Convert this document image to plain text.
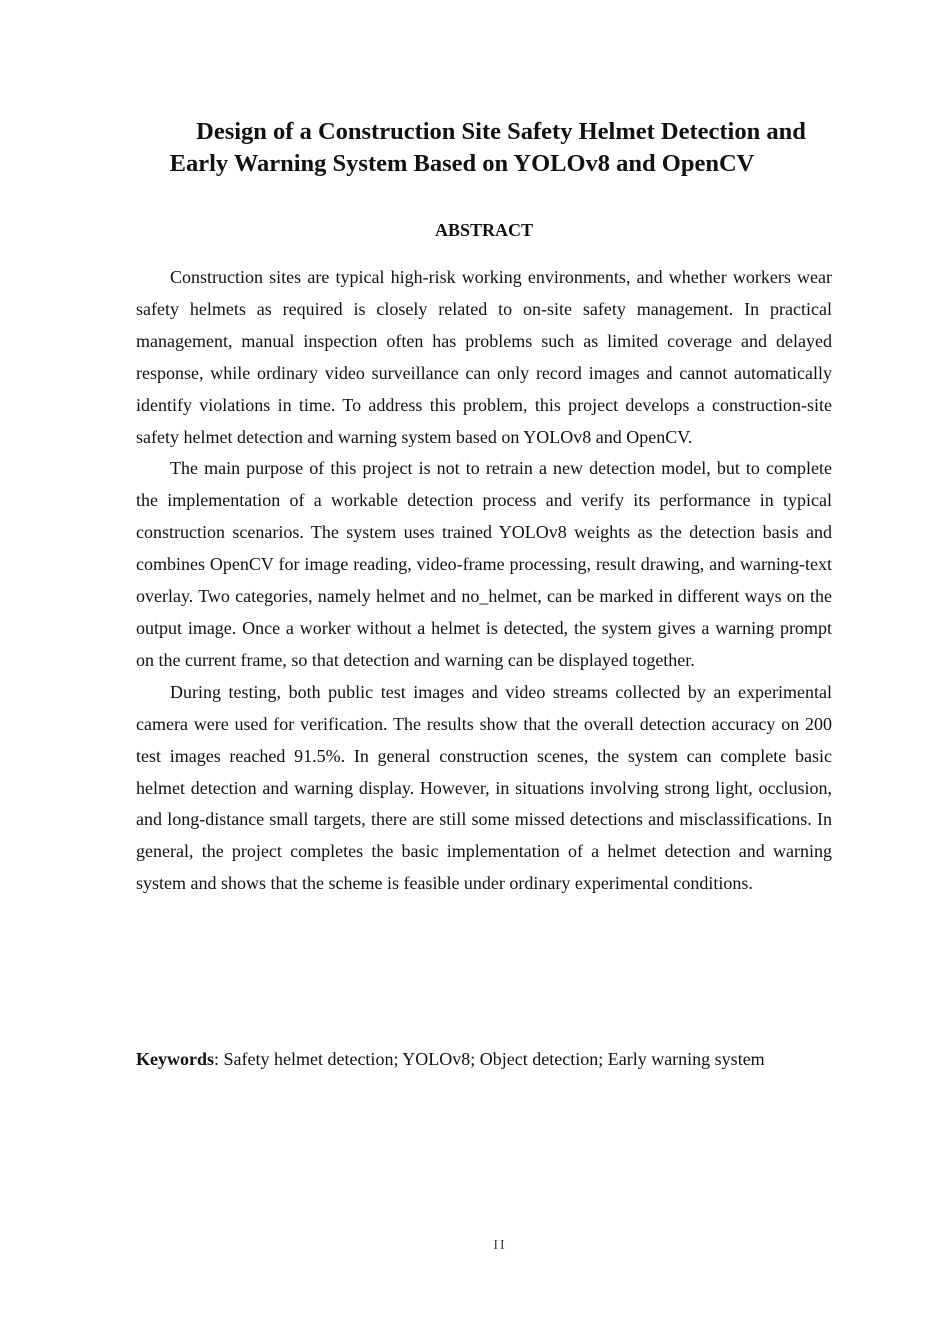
Design of a Construction Site Safety Helmet Detection and
Early Warning System Based on YOLOv8 and OpenCV
ABSTRACT

Construction sites are typical high-risk working environments, and whether workers wear safety helmets as required is closely related to on-site safety management. In practical management, manual inspection often has problems such as limited coverage and delayed response, while ordinary video surveillance can only record images and cannot automatically identify violations in time. To address this problem, this project develops a construction-site safety helmet detection and warning system based on YOLOv8 and OpenCV.

The main purpose of this project is not to retrain a new detection model, but to complete the implementation of a workable detection process and verify its performance in typical construction scenarios. The system uses trained YOLOv8 weights as the detection basis and combines OpenCV for image reading, video-frame processing, result drawing, and warning-text overlay. Two categories, namely helmet and no_helmet, can be marked in different ways on the output image. Once a worker without a helmet is detected, the system gives a warning prompt on the current frame, so that detection and warning can be displayed together.

During testing, both public test images and video streams collected by an experimental camera were used for verification. The results show that the overall detection accuracy on 200 test images reached 91.5%. In general construction scenes, the system can complete basic helmet detection and warning display. However, in situations involving strong light, occlusion, and long-distance small targets, there are still some missed detections and misclassifications. In general, the project completes the basic implementation of a helmet detection and warning system and shows that the scheme is feasible under ordinary experimental conditions.

Keywords: Safety helmet detection; YOLOv8; Object detection; Early warning system

II
